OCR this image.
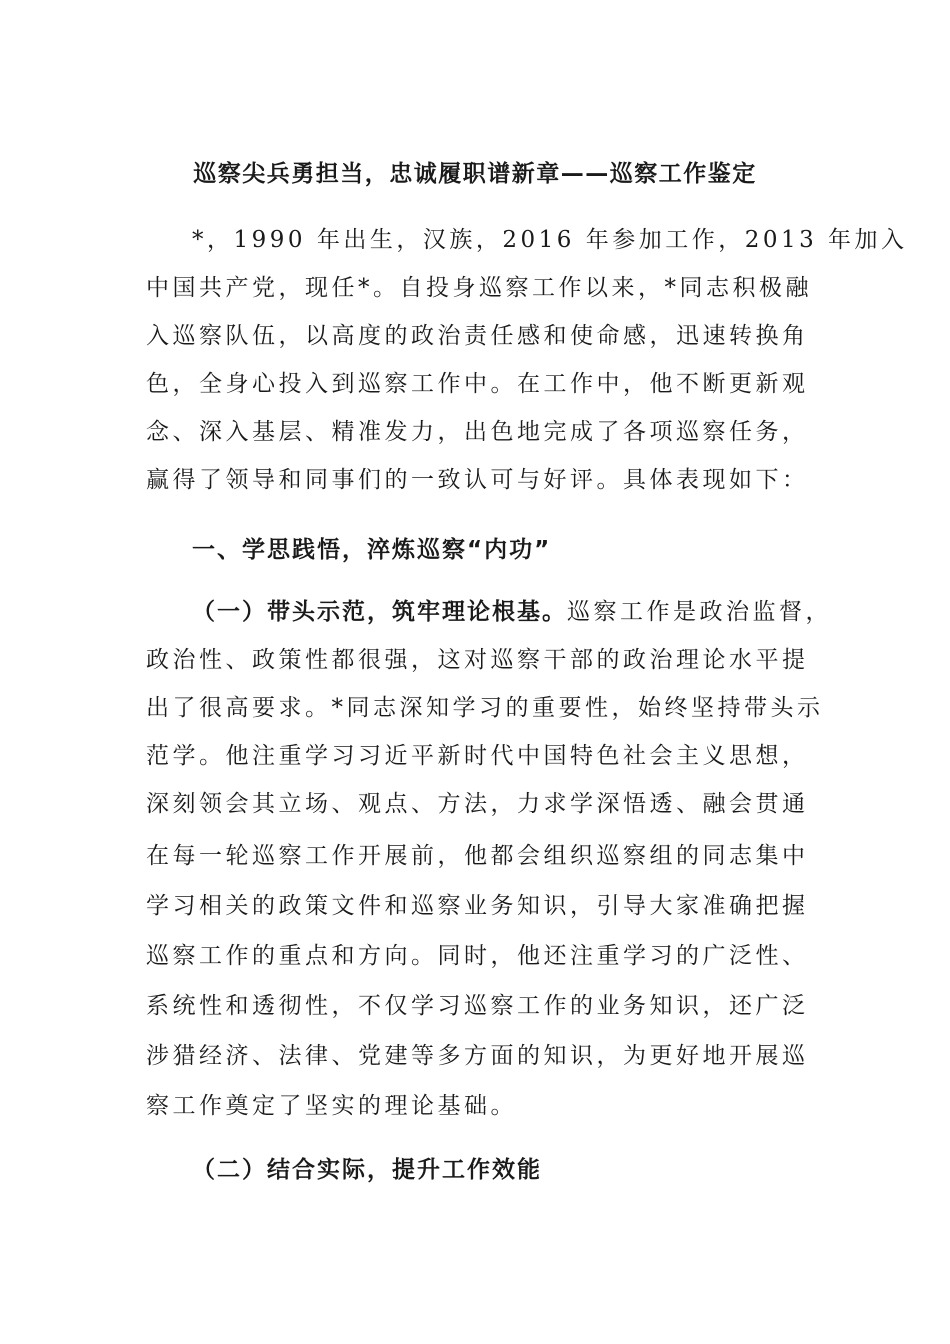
巡察尖兵勇担当，忠诚履职谱新章——巡察工作鉴定
*，1990 年出生，汉族，2016 年参加工作，2013 年加入
中国共产党，现任*。自投身巡察工作以来，*同志积极融
入巡察队伍，以高度的政治责任感和使命感，迅速转换角
色，全身心投入到巡察工作中。在工作中，他不断更新观
念、深入基层、精准发力，出色地完成了各项巡察任务，
赢得了领导和同事们的一致认可与好评。具体表现如下：
一、学思践悟，淬炼巡察“内功”
（一）带头示范，筑牢理论根基。巡察工作是政治监督，
政治性、政策性都很强，这对巡察干部的政治理论水平提
出了很高要求。*同志深知学习的重要性，始终坚持带头示
范学。他注重学习习近平新时代中国特色社会主义思想，
深刻领会其立场、观点、方法，力求学深悟透、融会贯通
在每一轮巡察工作开展前，他都会组织巡察组的同志集中
学习相关的政策文件和巡察业务知识，引导大家准确把握
巡察工作的重点和方向。同时，他还注重学习的广泛性、
系统性和透彻性，不仅学习巡察工作的业务知识，还广泛
涉猎经济、法律、党建等多方面的知识，为更好地开展巡
察工作奠定了坚实的理论基础。
（二）结合实际，提升工作效能
